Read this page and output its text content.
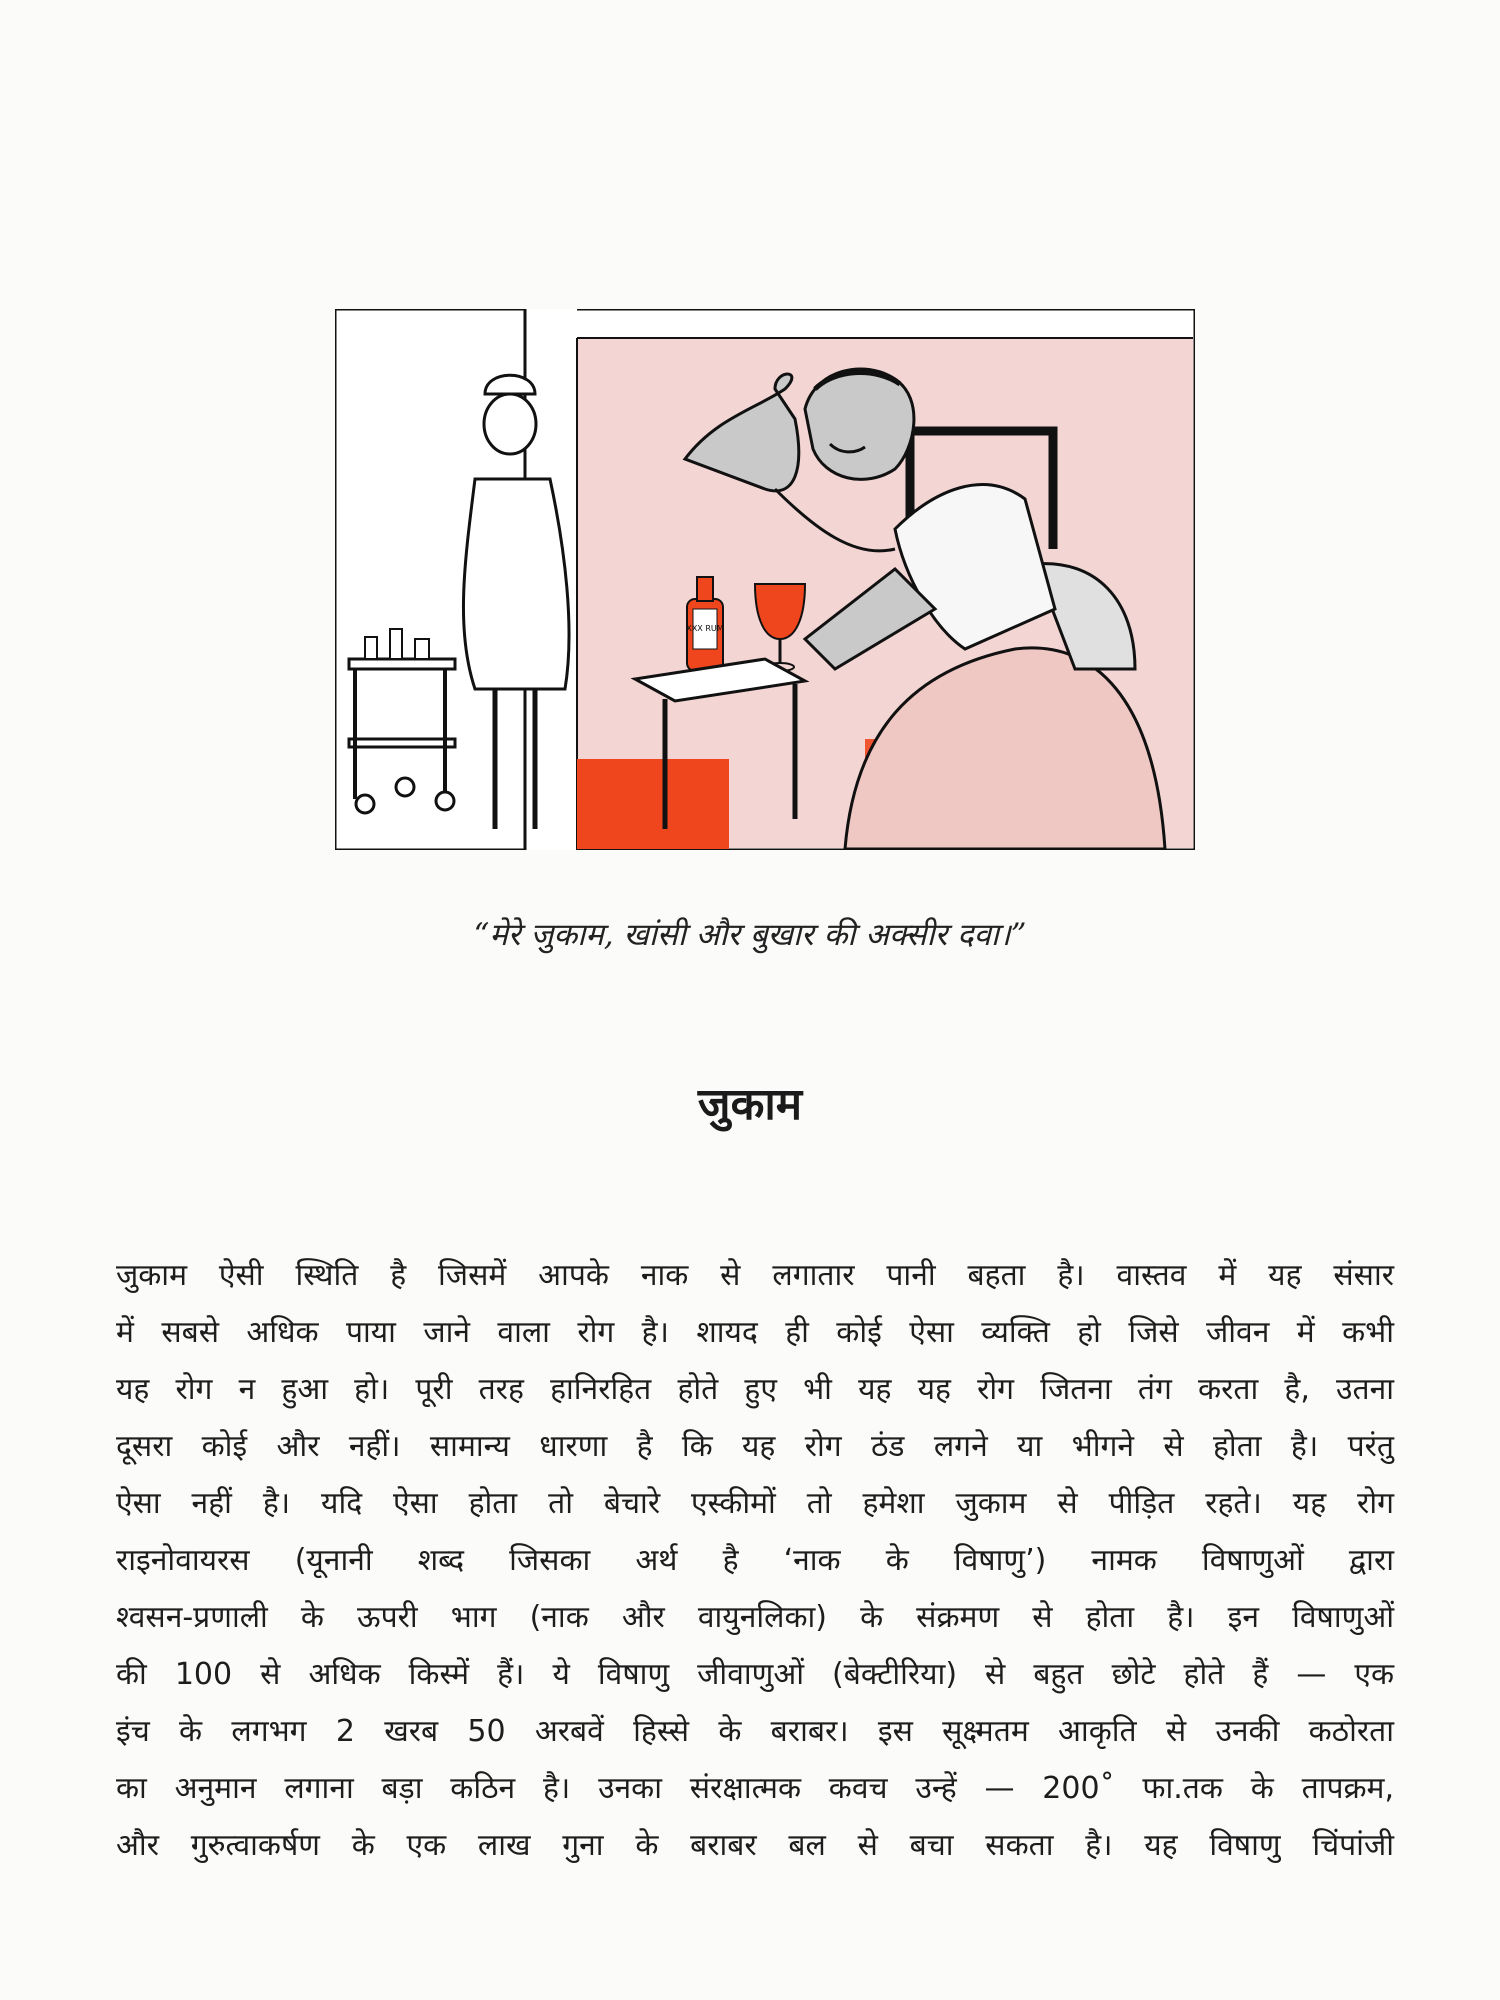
XXX RUM
“मेरे जुकाम, खांसी और बुखार की अक्सीर दवा।”
जुकाम
जुकाम ऐसी स्थिति है जिसमें आपके नाक से लगातार पानी बहता है। वास्तव में यह संसार
में सबसे अधिक पाया जाने वाला रोग है। शायद ही कोई ऐसा व्यक्ति हो जिसे जीवन में कभी
यह रोग न हुआ हो। पूरी तरह हानिरहित होते हुए भी यह यह रोग जितना तंग करता है, उतना
दूसरा कोई और नहीं। सामान्य धारणा है कि यह रोग ठंड लगने या भीगने से होता है। परंतु
ऐसा नहीं है। यदि ऐसा होता तो बेचारे एस्कीमों तो हमेशा जुकाम से पीड़ित रहते। यह रोग
राइनोवायरस (यूनानी शब्द जिसका अर्थ है ‘नाक के विषाणु’) नामक विषाणुओं द्वारा
श्वसन-प्रणाली के ऊपरी भाग (नाक और वायुनलिका) के संक्रमण से होता है। इन विषाणुओं
की 100 से अधिक किस्में हैं। ये विषाणु जीवाणुओं (बेक्टीरिया) से बहुत छोटे होते हैं — एक
इंच के लगभग 2 खरब 50 अरबवें हिस्से के बराबर। इस सूक्ष्मतम आकृति से उनकी कठोरता
का अनुमान लगाना बड़ा कठिन है। उनका संरक्षात्मक कवच उन्हें — 200˚ फा.तक के तापक्रम,
और गुरुत्वाकर्षण के एक लाख गुना के बराबर बल से बचा सकता है। यह विषाणु चिंपांजी
